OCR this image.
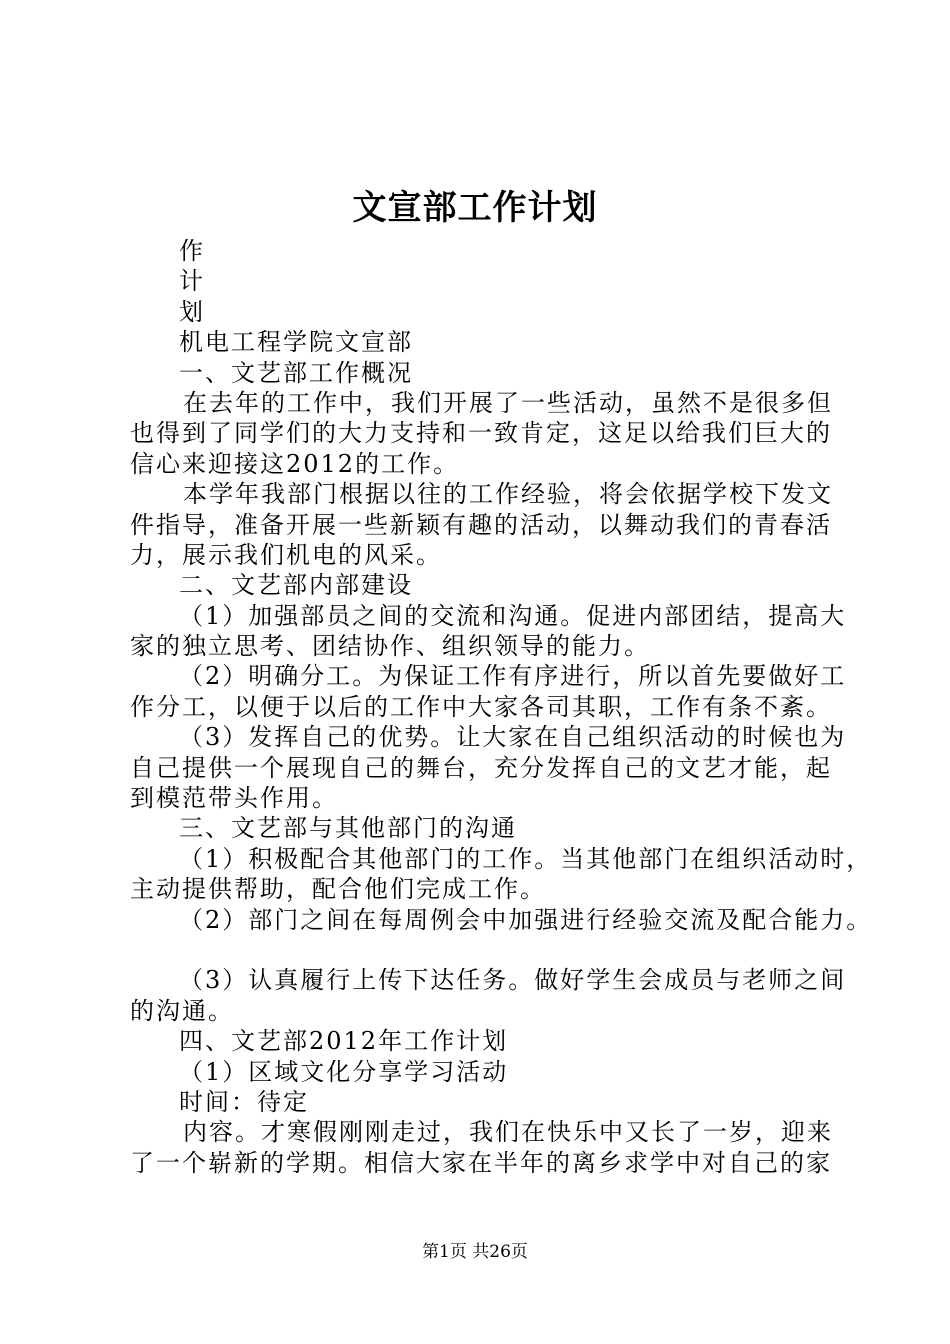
文宣部工作计划
作
计
划
机电工程学院文宣部
一、文艺部工作概况
在去年的工作中，我们开展了一些活动，虽然不是很多但
也得到了同学们的大力支持和一致肯定，这足以给我们巨大的
信心来迎接这2012的工作。
本学年我部门根据以往的工作经验，将会依据学校下发文
件指导，准备开展一些新颖有趣的活动，以舞动我们的青春活
力，展示我们机电的风采。
二、文艺部内部建设
（1）加强部员之间的交流和沟通。促进内部团结，提高大
家的独立思考、团结协作、组织领导的能力。
（2）明确分工。为保证工作有序进行，所以首先要做好工
作分工，以便于以后的工作中大家各司其职，工作有条不紊。
（3）发挥自己的优势。让大家在自己组织活动的时候也为
自己提供一个展现自己的舞台，充分发挥自己的文艺才能，起
到模范带头作用。
三、文艺部与其他部门的沟通
（1）积极配合其他部门的工作。当其他部门在组织活动时，
主动提供帮助，配合他们完成工作。
（2）部门之间在每周例会中加强进行经验交流及配合能力。
（3）认真履行上传下达任务。做好学生会成员与老师之间
的沟通。
四、文艺部2012年工作计划
（1）区域文化分享学习活动
时间：待定
内容。才寒假刚刚走过，我们在快乐中又长了一岁，迎来
了一个崭新的学期。相信大家在半年的离乡求学中对自己的家
第1页 共26页
